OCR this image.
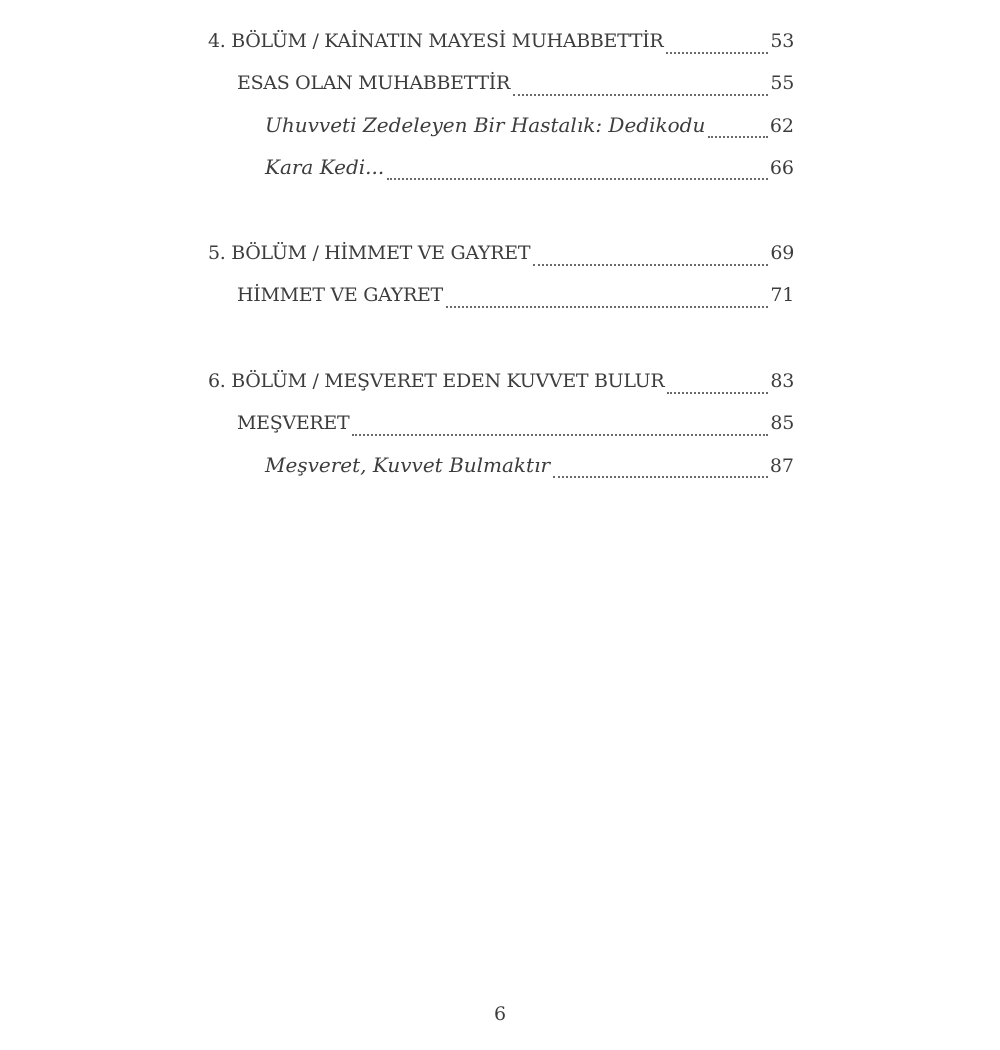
4. BÖLÜM / KAİNATIN MAYESİ MUHABBETTİR	53
ESAS OLAN MUHABBETTİR	55
Uhuvveti Zedeleyen Bir Hastalık: Dedikodu	62
Kara Kedi...	66
5. BÖLÜM / HİMMET VE GAYRET	69
HİMMET VE GAYRET	71
6. BÖLÜM / MEŞVERET EDEN KUVVET BULUR	83
MEŞVERET	85
Meşveret, Kuvvet Bulmaktır	87
6
